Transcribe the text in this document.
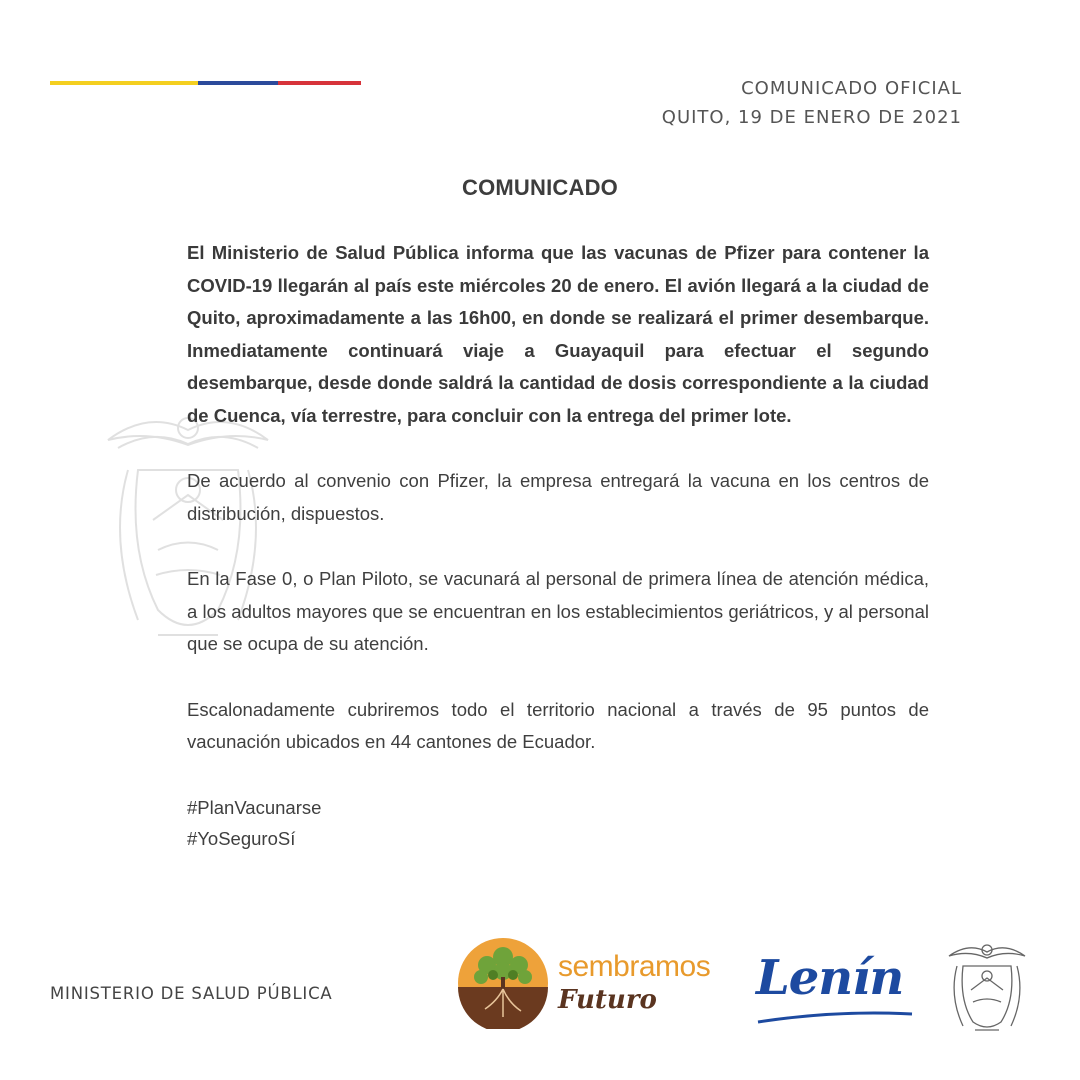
COMUNICADO OFICIAL
QUITO, 19 DE ENERO DE 2021
COMUNICADO

El Ministerio de Salud Pública informa que las vacunas de Pfizer para contener la COVID-19 llegarán al país este miércoles 20 de enero. El avión llegará a la ciudad de Quito, aproximadamente a las 16h00, en donde se realizará el primer desembarque. Inmediatamente continuará viaje a Guayaquil para efectuar el segundo desembarque, desde donde saldrá la cantidad de dosis correspondiente a la ciudad de Cuenca, vía terrestre, para concluir con la entrega del primer lote.

De acuerdo al convenio con Pfizer, la empresa entregará la vacuna en los centros de distribución, dispuestos.

En la Fase 0, o Plan Piloto, se vacunará al personal de primera línea de atención médica, a los adultos mayores que se encuentran en los establecimientos geriátricos, y al personal que se ocupa de su atención.

Escalonadamente cubriremos todo el territorio nacional a través de 95 puntos de vacunación ubicados en 44 cantones de Ecuador.

#PlanVacunarse
#YoSeguroSí
MINISTERIO DE SALUD PÚBLICA
sembramos
Futuro Lenín
